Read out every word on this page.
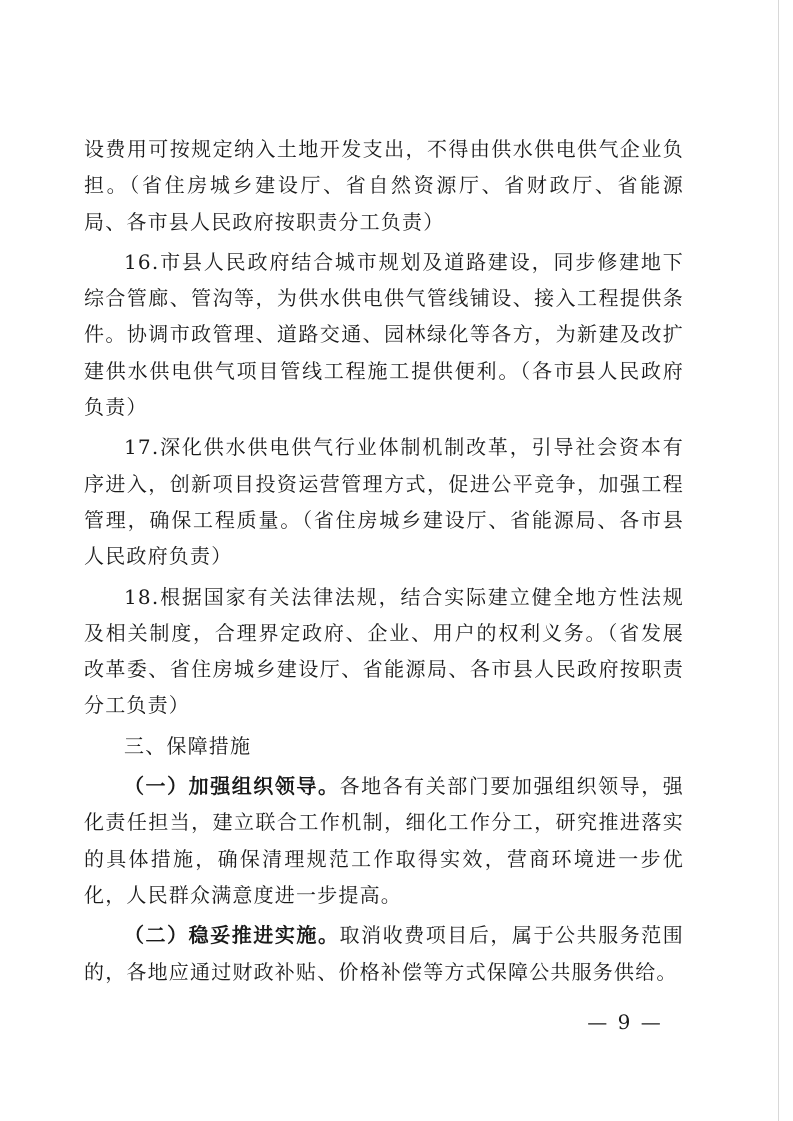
设费用可按规定纳入土地开发支出，不得由供水供电供气企业负担。（省住房城乡建设厅、省自然资源厅、省财政厅、省能源局、各市县人民政府按职责分工负责）

16.市县人民政府结合城市规划及道路建设，同步修建地下综合管廊、管沟等，为供水供电供气管线铺设、接入工程提供条件。协调市政管理、道路交通、园林绿化等各方，为新建及改扩建供水供电供气项目管线工程施工提供便利。（各市县人民政府负责）

17.深化供水供电供气行业体制机制改革，引导社会资本有序进入，创新项目投资运营管理方式，促进公平竞争，加强工程管理，确保工程质量。（省住房城乡建设厅、省能源局、各市县人民政府负责）

18.根据国家有关法律法规，结合实际建立健全地方性法规及相关制度，合理界定政府、企业、用户的权利义务。（省发展改革委、省住房城乡建设厅、省能源局、各市县人民政府按职责分工负责）

三、保障措施

（一）加强组织领导。各地各有关部门要加强组织领导，强化责任担当，建立联合工作机制，细化工作分工，研究推进落实的具体措施，确保清理规范工作取得实效，营商环境进一步优化，人民群众满意度进一步提高。

（二）稳妥推进实施。取消收费项目后，属于公共服务范围的，各地应通过财政补贴、价格补偿等方式保障公共服务供给。

— 9 —
